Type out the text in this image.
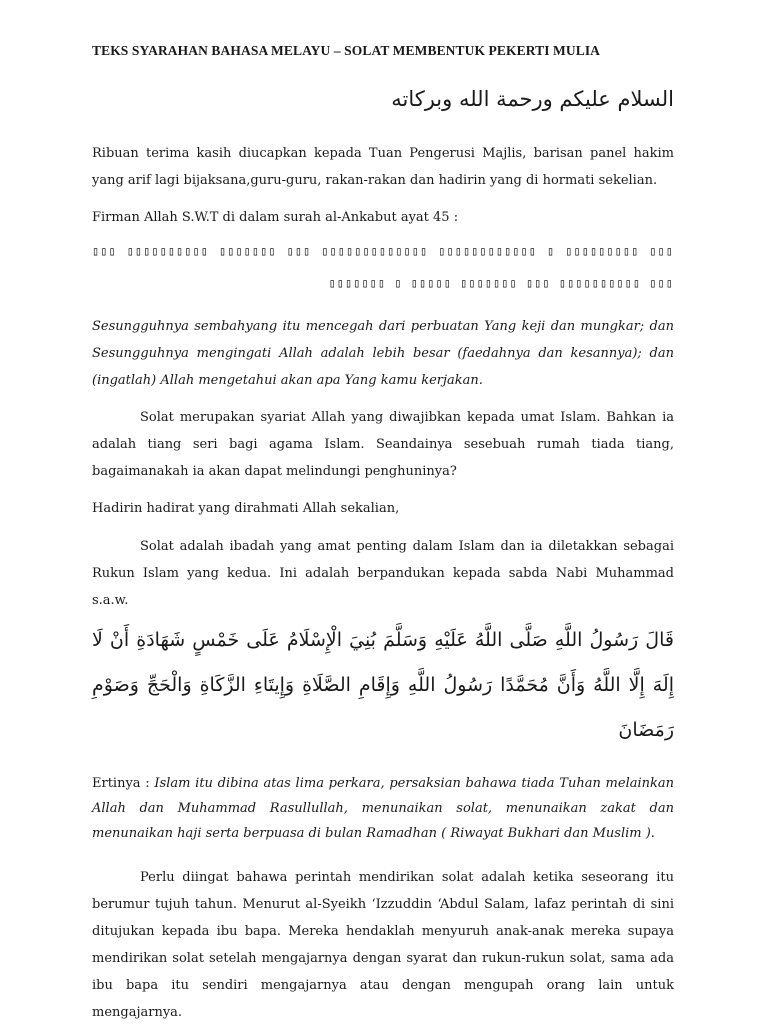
TEKS SYARAHAN BAHASA MELAYU – SOLAT MEMBENTUK PEKERTI MULIA
السلام عليكم ورحمة الله وبركاته

Ribuan terima kasih diucapkan kepada Tuan Pengerusi Majlis, barisan panel hakim yang arif lagi bijaksana,guru-guru, rakan-rakan dan hadirin yang di hormati sekelian.

Firman Allah S.W.T di dalam surah al-Ankabut ayat 45 :

▯▯▯ ▯▯▯▯▯▯▯▯▯▯ ▯▯▯▯▯▯▯ ▯▯▯ ▯▯▯▯▯▯▯▯▯▯▯▯▯ ▯▯▯▯▯▯▯▯▯▯▯▯ ▯ ▯▯▯▯▯▯▯▯▯ ▯▯▯ ▯▯▯▯▯▯▯ ▯ ▯▯▯▯▯ ▯▯▯▯▯▯▯ ▯▯▯ ▯▯▯▯▯▯▯▯▯▯ ▯▯▯

Sesungguhnya sembahyang itu mencegah dari perbuatan Yang keji dan mungkar; dan Sesungguhnya mengingati Allah adalah lebih besar (faedahnya dan kesannya); dan (ingatlah) Allah mengetahui akan apa Yang kamu kerjakan.

Solat merupakan syariat Allah yang diwajibkan kepada umat Islam. Bahkan ia adalah tiang seri bagi agama Islam. Seandainya sesebuah rumah tiada tiang, bagaimanakah ia akan dapat melindungi penghuninya?

Hadirin hadirat yang dirahmati Allah sekalian,

Solat adalah ibadah yang amat penting dalam Islam dan ia diletakkan sebagai Rukun Islam yang kedua. Ini adalah berpandukan kepada sabda Nabi Muhammad s.a.w.

قَالَ رَسُولُ اللَّهِ صَلَّى اللَّهُ عَلَيْهِ وَسَلَّمَ بُنِيَ الْإِسْلَامُ عَلَى خَمْسٍ شَهَادَةِ أَنْ لَا إِلَهَ إِلَّا اللَّهُ وَأَنَّ مُحَمَّدًا رَسُولُ اللَّهِ وَإِقَامِ الصَّلَاةِ وَإِيتَاءِ الزَّكَاةِ وَالْحَجِّ وَصَوْمِ رَمَضَانَ

Ertinya : Islam itu dibina atas lima perkara, persaksian bahawa tiada Tuhan melainkan Allah dan Muhammad Rasullullah, menunaikan solat, menunaikan zakat dan menunaikan haji serta berpuasa di bulan Ramadhan ( Riwayat Bukhari dan Muslim ).

Perlu diingat bahawa perintah mendirikan solat adalah ketika seseorang itu berumur tujuh tahun. Menurut al-Syeikh ‘Izzuddin ‘Abdul Salam, lafaz perintah di sini ditujukan kepada ibu bapa. Mereka hendaklah menyuruh anak-anak mereka supaya mendirikan solat setelah mengajarnya dengan syarat dan rukun-rukun solat, sama ada ibu bapa itu sendiri mengajarnya atau dengan mengupah orang lain untuk mengajarnya.
